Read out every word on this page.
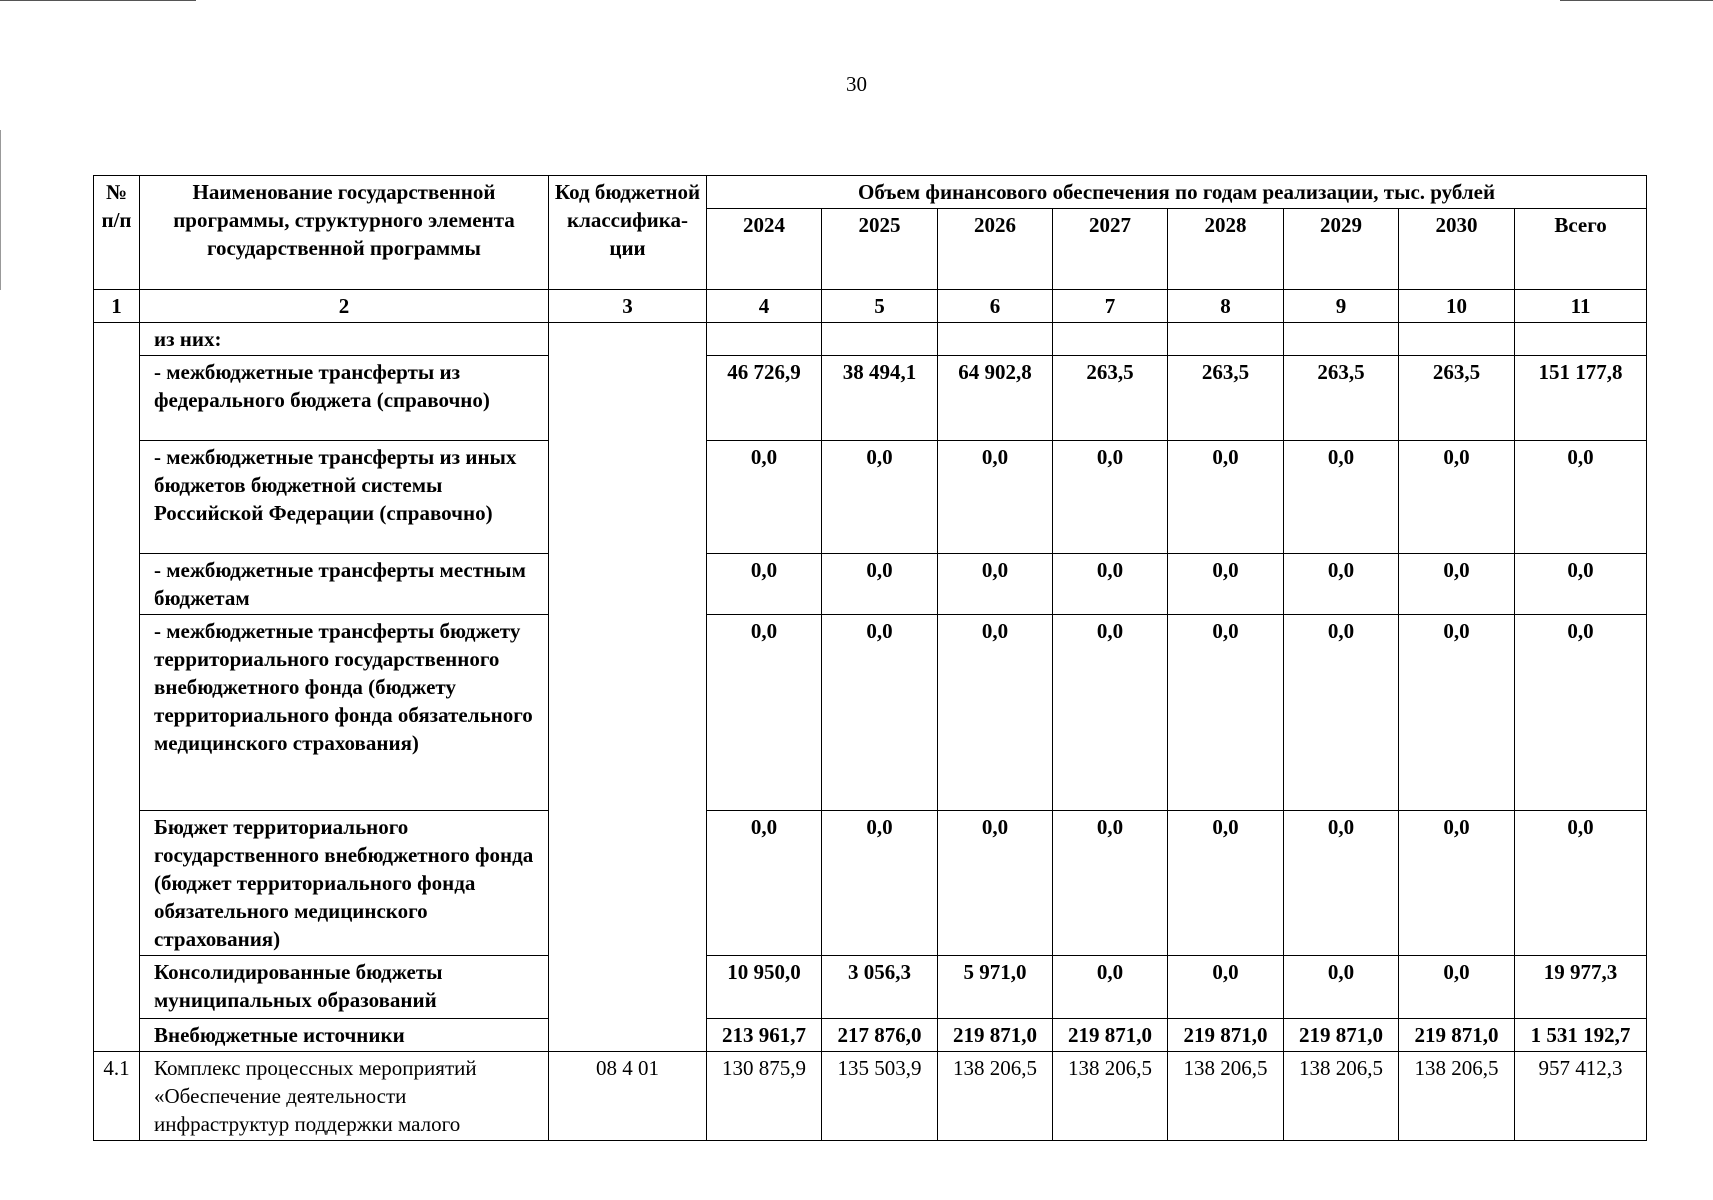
30
№ п/п	Наименование государственной программы, структурного элемента государственной программы	Код бюджетной классифика-ции	Объем финансового обеспечения по годам реализации, тыс. рублей							
			2024	2025	2026	2027	2028	2029	2030	Всего
1	2	3	4	5	6	7	8	9	10	11
	из них:									
	- межбюджетные трансферты из федерального бюджета (справочно)		46 726,9	38 494,1	64 902,8	263,5	263,5	263,5	263,5	151 177,8
	- межбюджетные трансферты из иных бюджетов бюджетной системы Российской Федерации (справочно)		0,0	0,0	0,0	0,0	0,0	0,0	0,0	0,0
	- межбюджетные трансферты местным бюджетам		0,0	0,0	0,0	0,0	0,0	0,0	0,0	0,0
	- межбюджетные трансферты бюджету территориального государственного внебюджетного фонда (бюджету территориального фонда обязательного медицинского страхования)		0,0	0,0	0,0	0,0	0,0	0,0	0,0	0,0
	Бюджет территориального государственного внебюджетного фонда (бюджет территориального фонда обязательного медицинского страхования)		0,0	0,0	0,0	0,0	0,0	0,0	0,0	0,0
	Консолидированные бюджеты муниципальных образований		10 950,0	3 056,3	5 971,0	0,0	0,0	0,0	0,0	19 977,3
	Внебюджетные источники		213 961,7	217 876,0	219 871,0	219 871,0	219 871,0	219 871,0	219 871,0	1 531 192,7
4.1	Комплекс процессных мероприятий «Обеспечение деятельности инфраструктур поддержки малого	08 4 01	130 875,9	135 503,9	138 206,5	138 206,5	138 206,5	138 206,5	138 206,5	957 412,3
